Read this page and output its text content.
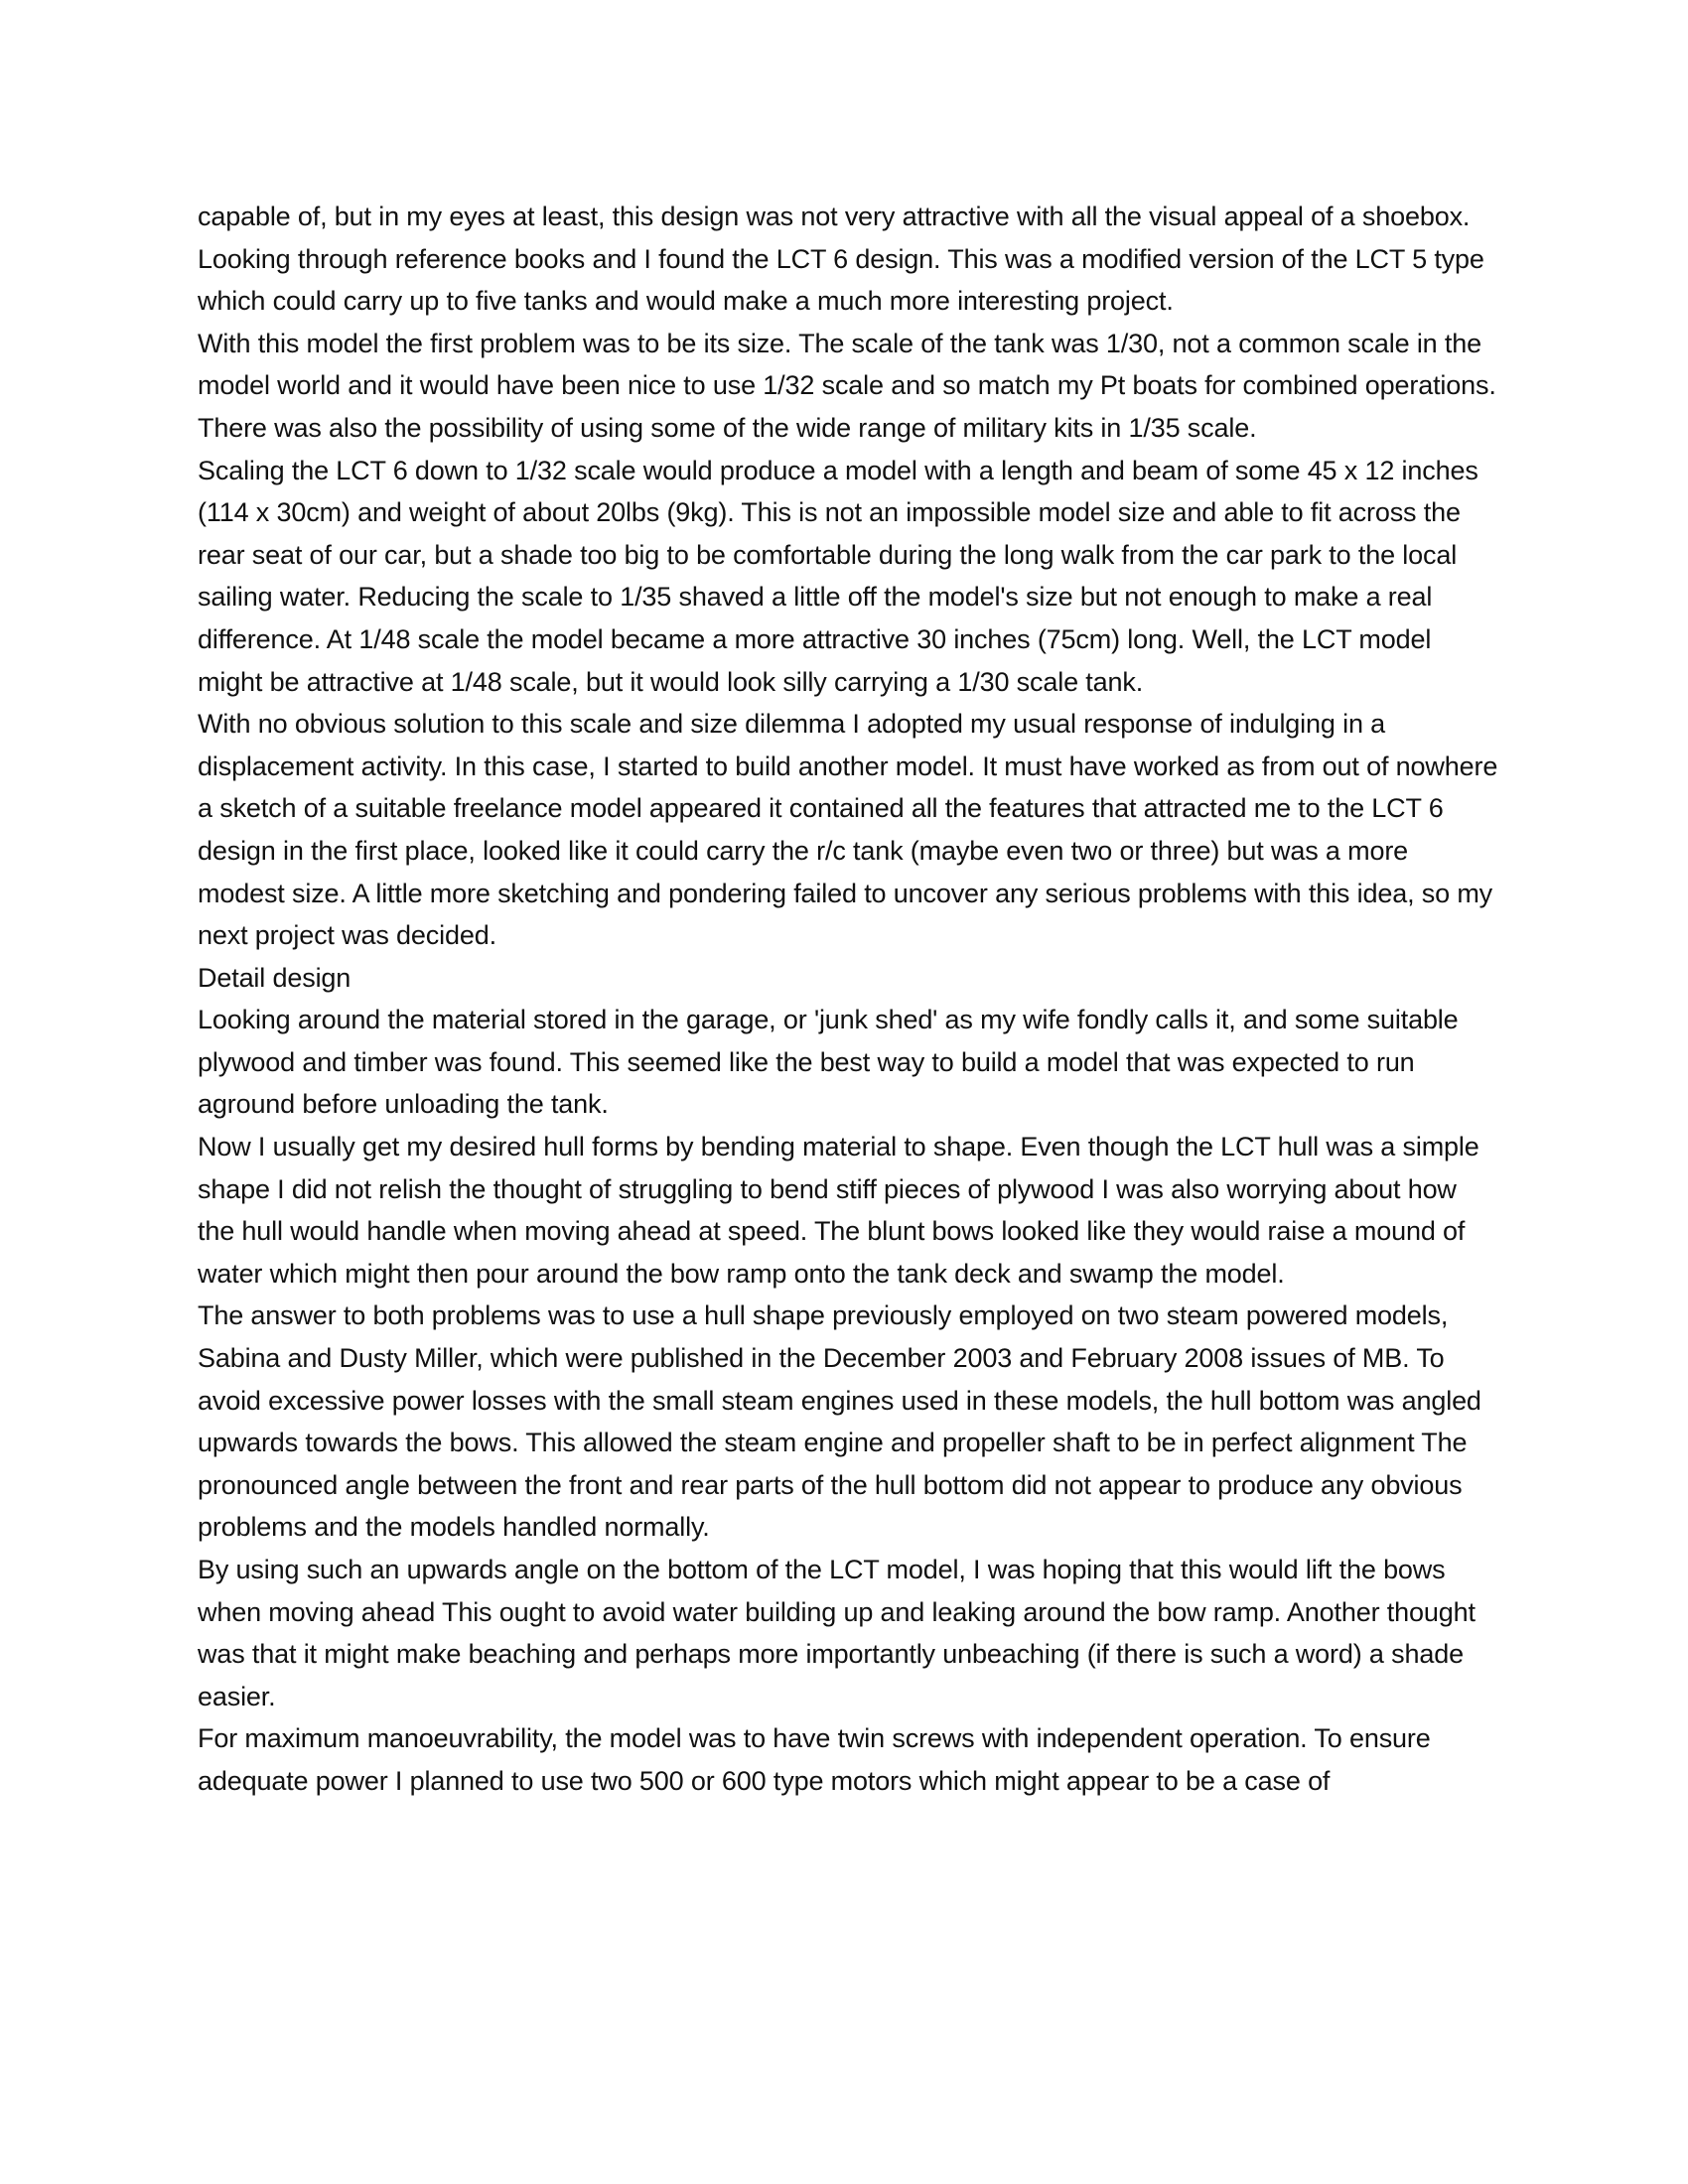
capable of, but in my eyes at least, this design was not very attractive with all the visual appeal of a shoebox. Looking through reference books and I found the LCT 6 design. This was a modified version of the LCT 5 type which could carry up to five tanks and would make a much more interesting project.

With this model the first problem was to be its size. The scale of the tank was 1/30, not a common scale in the model world and it would have been nice to use 1/32 scale and so match my Pt boats for combined operations. There was also the possibility of using some of the wide range of military kits in 1/35 scale.

Scaling the LCT 6 down to 1/32 scale would produce a model with a length and beam of some 45 x 12 inches (114 x 30cm) and weight of about 20lbs (9kg). This is not an impossible model size and able to fit across the rear seat of our car, but a shade too big to be comfortable during the long walk from the car park to the local sailing water. Reducing the scale to 1/35 shaved a little off the model's size but not enough to make a real difference. At 1/48 scale the model became a more attractive 30 inches (75cm) long. Well, the LCT model might be attractive at 1/48 scale, but it would look silly carrying a 1/30 scale tank.

With no obvious solution to this scale and size dilemma I adopted my usual response of indulging in a displacement activity. In this case, I started to build another model. It must have worked as from out of nowhere a sketch of a suitable freelance model appeared it contained all the features that attracted me to the LCT 6 design in the first place, looked like it could carry the r/c tank (maybe even two or three) but was a more modest size. A little more sketching and pondering failed to uncover any serious problems with this idea, so my next project was decided.

Detail design

Looking around the material stored in the garage, or 'junk shed' as my wife fondly calls it, and some suitable plywood and timber was found. This seemed like the best way to build a model that was expected to run aground before unloading the tank.

Now I usually get my desired hull forms by bending material to shape. Even though the LCT hull was a simple shape I did not relish the thought of struggling to bend stiff pieces of plywood I was also worrying about how the hull would handle when moving ahead at speed. The blunt bows looked like they would raise a mound of water which might then pour around the bow ramp onto the tank deck and swamp the model.

The answer to both problems was to use a hull shape previously employed on two steam powered models, Sabina and Dusty Miller, which were published in the December 2003 and February 2008 issues of MB. To avoid excessive power losses with the small steam engines used in these models, the hull bottom was angled upwards towards the bows. This allowed the steam engine and propeller shaft to be in perfect alignment The pronounced angle between the front and rear parts of the hull bottom did not appear to produce any obvious problems and the models handled normally.

By using such an upwards angle on the bottom of the LCT model, I was hoping that this would lift the bows when moving ahead This ought to avoid water building up and leaking around the bow ramp. Another thought was that it might make beaching and perhaps more importantly unbeaching (if there is such a word) a shade easier.

For maximum manoeuvrability, the model was to have twin screws with independent operation. To ensure adequate power I planned to use two 500 or 600 type motors which might appear to be a case of
